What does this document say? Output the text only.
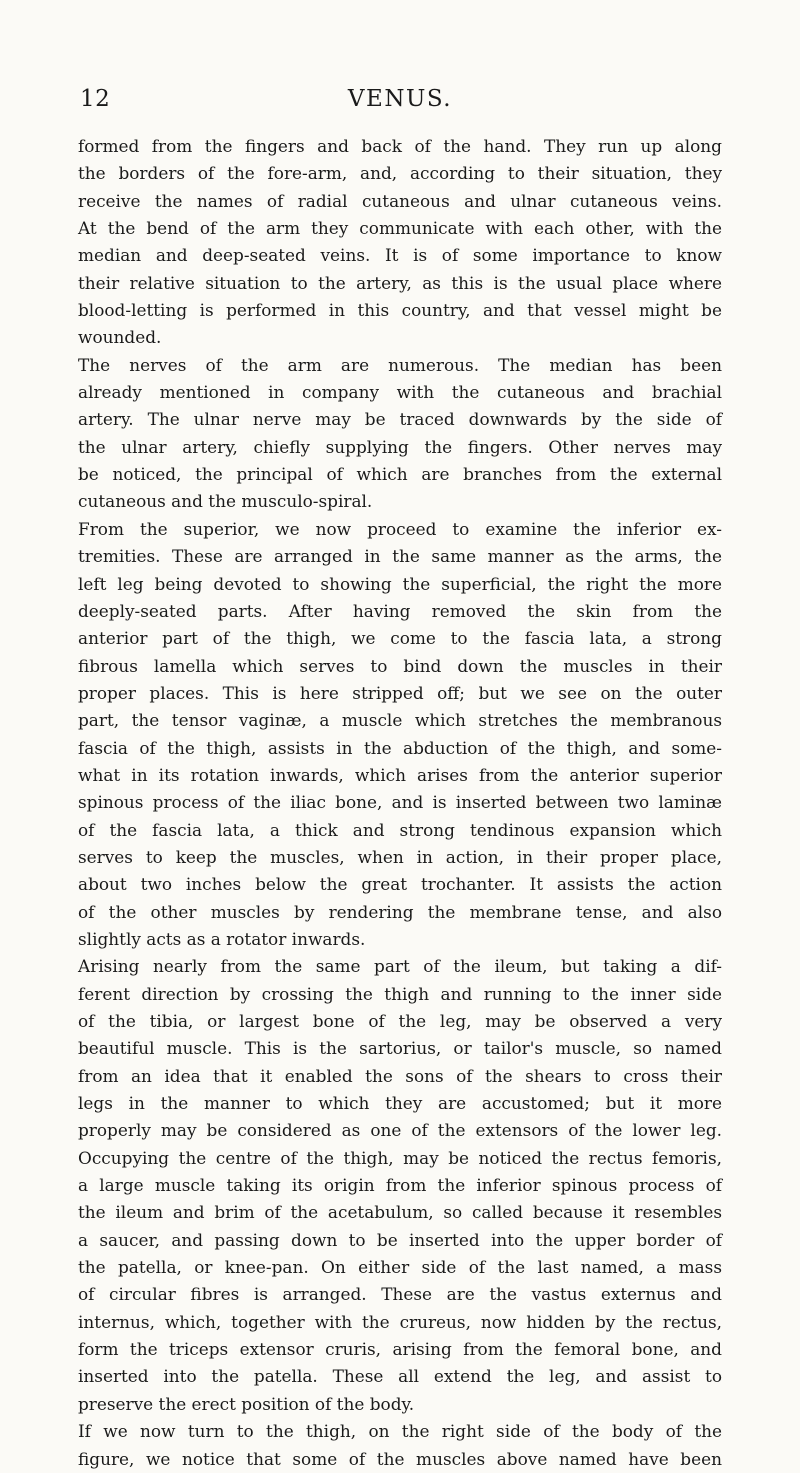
12	VENUS.
formed from the fingers and back of the hand. They run up along
the borders of the fore-arm, and, according to their situation, they
receive the names of radial cutaneous and ulnar cutaneous veins.
At the bend of the arm they communicate with each other, with the
median and deep-seated veins. It is of some importance to know
their relative situation to the artery, as this is the usual place where
blood-letting is performed in this country, and that vessel might be
wounded.
The nerves of the arm are numerous. The median has been
already mentioned in company with the cutaneous and brachial
artery. The ulnar nerve may be traced downwards by the side of
the ulnar artery, chiefly supplying the fingers. Other nerves may
be noticed, the principal of which are branches from the external
cutaneous and the musculo-spiral.
From the superior, we now proceed to examine the inferior ex-
tremities. These are arranged in the same manner as the arms, the
left leg being devoted to showing the superficial, the right the more
deeply-seated parts. After having removed the skin from the
anterior part of the thigh, we come to the fascia lata, a strong
fibrous lamella which serves to bind down the muscles in their
proper places. This is here stripped off; but we see on the outer
part, the tensor vaginæ, a muscle which stretches the membranous
fascia of the thigh, assists in the abduction of the thigh, and some-
what in its rotation inwards, which arises from the anterior superior
spinous process of the iliac bone, and is inserted between two laminæ
of the fascia lata, a thick and strong tendinous expansion which
serves to keep the muscles, when in action, in their proper place,
about two inches below the great trochanter. It assists the action
of the other muscles by rendering the membrane tense, and also
slightly acts as a rotator inwards.
Arising nearly from the same part of the ileum, but taking a dif-
ferent direction by crossing the thigh and running to the inner side
of the tibia, or largest bone of the leg, may be observed a very
beautiful muscle. This is the sartorius, or tailor's muscle, so named
from an idea that it enabled the sons of the shears to cross their
legs in the manner to which they are accustomed; but it more
properly may be considered as one of the extensors of the lower leg.
Occupying the centre of the thigh, may be noticed the rectus femoris,
a large muscle taking its origin from the inferior spinous process of
the ileum and brim of the acetabulum, so called because it resembles
a saucer, and passing down to be inserted into the upper border of
the patella, or knee-pan. On either side of the last named, a mass
of circular fibres is arranged. These are the vastus externus and
internus, which, together with the crureus, now hidden by the rectus,
form the triceps extensor cruris, arising from the femoral bone, and
inserted into the patella. These all extend the leg, and assist to
preserve the erect position of the body.
If we now turn to the thigh, on the right side of the body of the
figure, we notice that some of the muscles above named have been
